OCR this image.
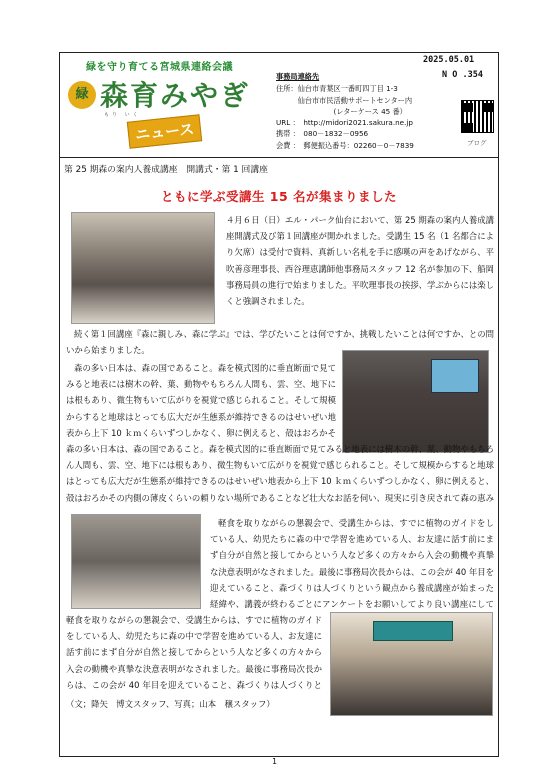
緑を守り育てる宮城県連絡会議
緑 森育みやぎ
もり いく
ニュース
事務局連絡先
住所：仙台市青葉区一番町四丁目 1-3
　　　仙台市市民活動サポートセンター内
　　　　　　　　(レターケース 45 番）
URL ：　http://midori2021.sakura.ne.jp
携帯 ：　080－1832－0956
会費 ：　郵便振込番号：02260－0－7839
2025.05.01
N O .354
ブログ
第 25 期森の案内人養成講座　開講式・第 1 回講座
ともに学ぶ受講生 15 名が集まりました
４月６日（日）エル・パーク仙台において、第 25 期森の案内人養成講座開講式及び第１回講座が開かれました。受講生 15 名（1 名都合により欠席）は受付で資料、真新しい名札を手に感嘆の声をあげながら、平吹善彦理事長、西谷理恵講師他事務局スタッフ 12 名が参加の下、船岡事務局員の進行で始まりました。平吹理事長の挨拶、学ぶからには楽しくと強調されました。
続く第１回講座『森に親しみ、森に学ぶ』では、学びたいことは何ですか、挑戦したいことは何ですか、との問いから始まりました。
森の多い日本は、森の国であること。森を模式図的に垂直断面で見てみると地表には樹木の幹、葉、動物やもちろん人間も、雲、空、地下には根もあり、微生物もいて広がりを視覚で感じられること。そして規模からすると地球はとっても広大だが生態系が維持できるのはせいぜい地表から上下 10 ｋｍくらいずつしかなく、卵に例えると、殻はおろかそ
森の多い日本は、森の国であること。森を模式図的に垂直断面で見てみると地表には樹木の幹、葉、動物やもちろん人間も、雲、空、地下には根もあり、微生物もいて広がりを視覚で感じられること。そして規模からすると地球はとっても広大だが生態系が維持できるのはせいぜい地表から上下 10 ｋｍくらいずつしかなく、卵に例えると、殻はおろかその内側の薄皮くらいの頼りない場所であることなど壮大なお話を伺い、現実に引き戻されて森の恵み
軽食を取りながらの懇親会で、受講生からは、すでに植物のガイドをしている人、幼児たちに森の中で学習を進めている人、お友達に話す前にまず自分が自然と接してからという人など多くの方々から入会の動機や真摯な決意表明がなされました。最後に事務局次長からは、この会が 40 年目を迎えていること、森づくりは人づくりという観点から養成講座が始まった経緯や、講義が終わるごとにアンケートをお願いしてより良い講座にして
軽食を取りながらの懇親会で、受講生からは、すでに植物のガイドをしている人、幼児たちに森の中で学習を進めている人、お友達に話す前にまず自分が自然と接してからという人など多くの方々から入会の動機や真摯な決意表明がなされました。最後に事務局次長からは、この会が 40 年目を迎えていること、森づくりは人づくりと
（文；降矢　博文スタッフ、写真；山本　穣スタッフ）
1
